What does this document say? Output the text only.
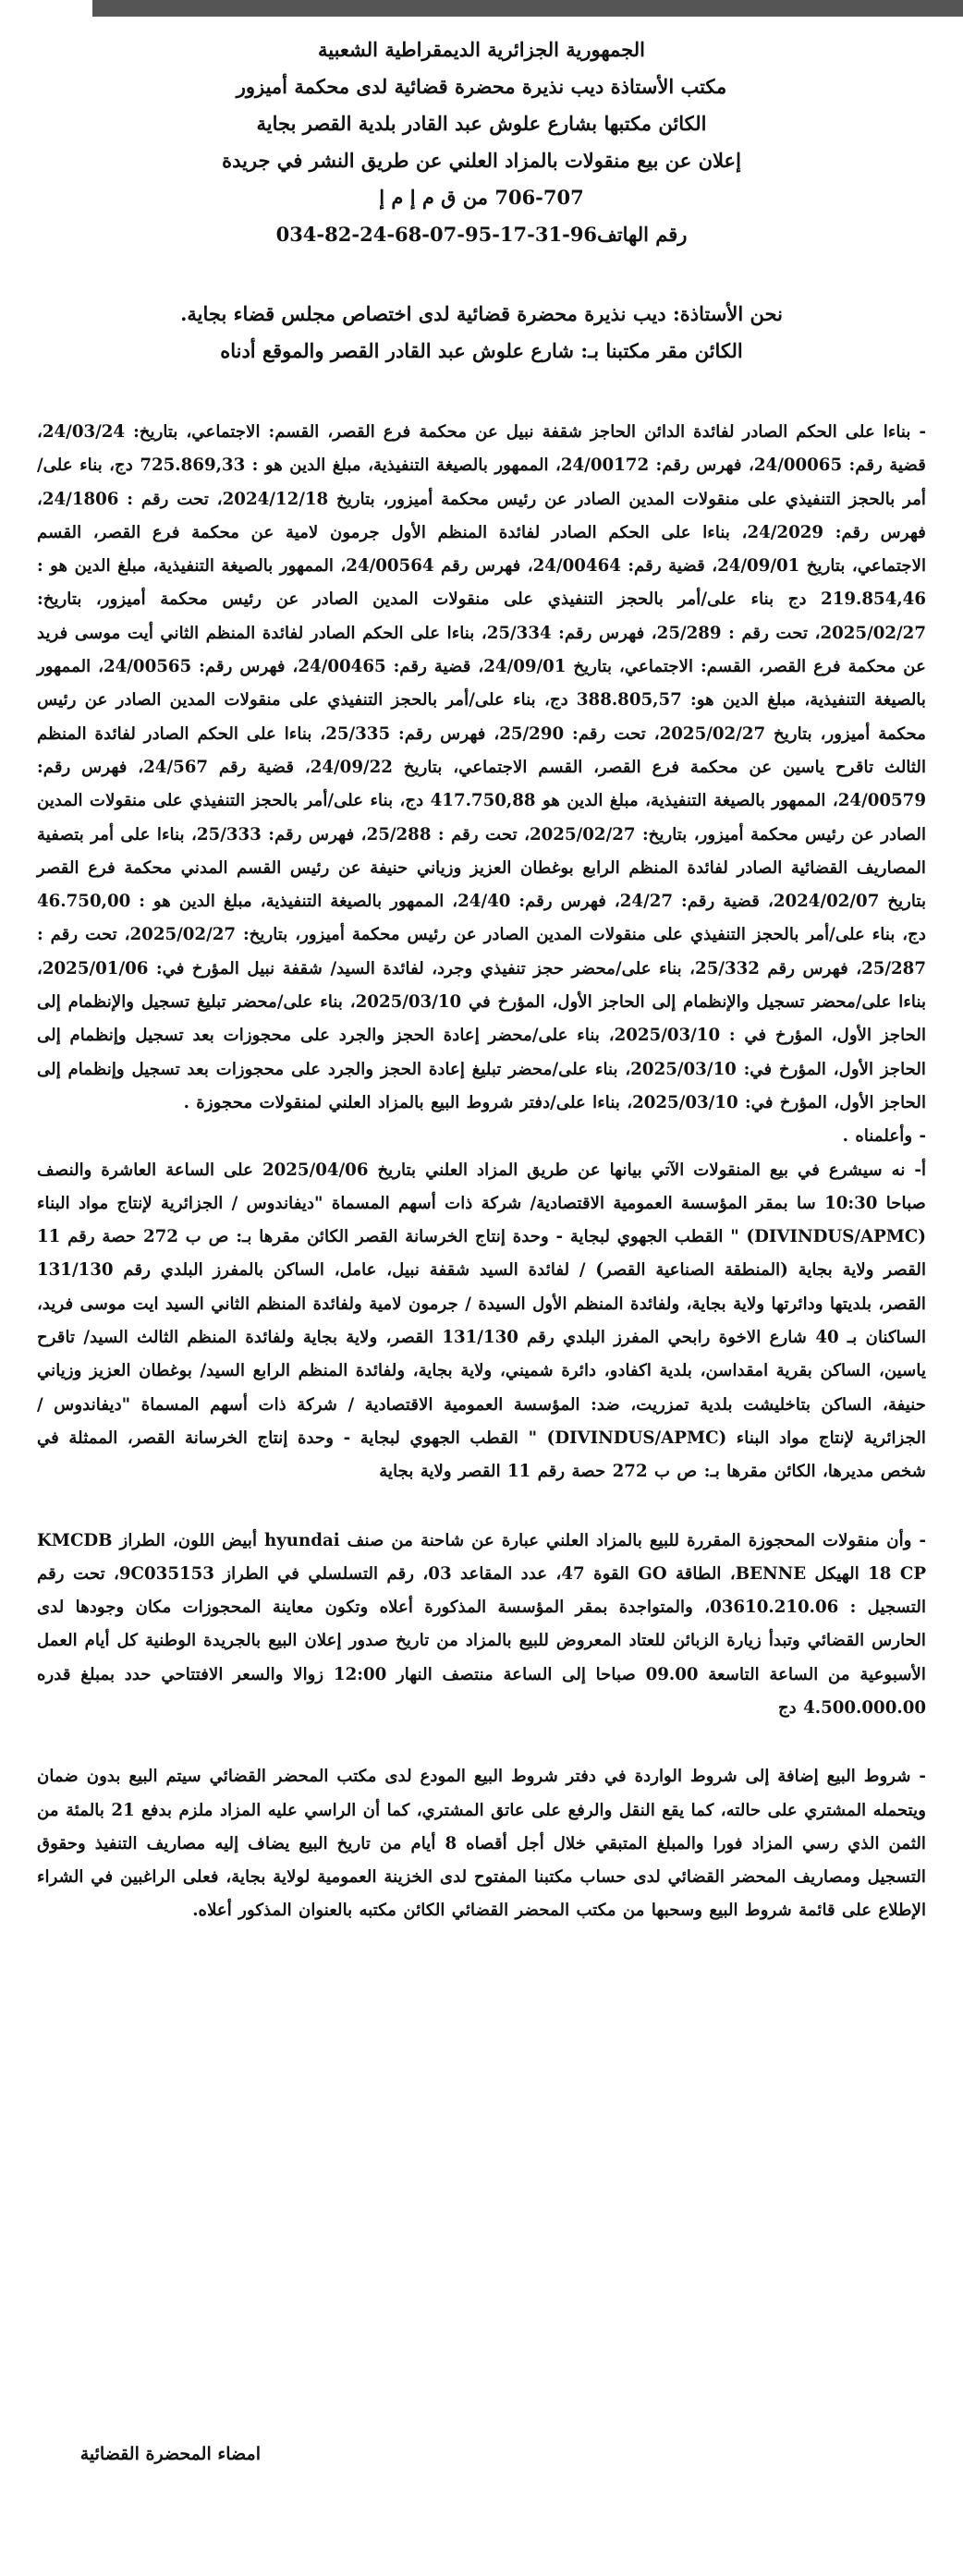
الجمهورية الجزائرية الديمقراطية الشعبية
مكتب الأستاذة ديب نذيرة محضرة قضائية لدى محكمة أميزور
الكائن مكتبها بشارع علوش عبد القادر بلدية القصر بجاية
إعلان عن بيع منقولات بالمزاد العلني عن طريق النشر في جريدة
706-707 من ق م إ م إ
رقم الهاتف96-31-17-95-07-68-24-82-034
نحن الأستاذة: ديب نذيرة محضرة قضائية لدى اختصاص مجلس قضاء بجاية.
الكائن مقر مكتبنا بـ: شارع علوش عبد القادر القصر والموقع أدناه

- بناءا على الحكم الصادر لفائدة الدائن الحاجز شقفة نبيل عن محكمة فرع القصر، القسم: الاجتماعي، بتاريخ: 24/03/24، قضية رقم: 24/00065، فهرس رقم: 24/00172، الممهور بالصيغة التنفيذية، مبلغ الدين هو : 725.869,33 دج، بناء على/أمر بالحجز التنفيذي على منقولات المدين الصادر عن رئيس محكمة أميزور، بتاريخ 2024/12/18، تحت رقم : 24/1806، فهرس رقم: 24/2029، بناءا على الحكم الصادر لفائدة المنظم الأول جرمون لامية عن محكمة فرع القصر، القسم الاجتماعي، بتاريخ 24/09/01، قضية رقم: 24/00464، فهرس رقم 24/00564، الممهور بالصيغة التنفيذية، مبلغ الدين هو : 219.854,46 دج بناء على/أمر بالحجز التنفيذي على منقولات المدين الصادر عن رئيس محكمة أميزور، بتاريخ: 2025/02/27، تحت رقم : 25/289، فهرس رقم: 25/334، بناءا على الحكم الصادر لفائدة المنظم الثاني أيت موسى فريد عن محكمة فرع القصر، القسم: الاجتماعي، بتاريخ 24/09/01، قضية رقم: 24/00465، فهرس رقم: 24/00565، الممهور بالصيغة التنفيذية، مبلغ الدين هو: 388.805,57 دج، بناء على/أمر بالحجز التنفيذي على منقولات المدين الصادر عن رئيس محكمة أميزور، بتاريخ 2025/02/27، تحت رقم: 25/290، فهرس رقم: 25/335، بناءا على الحكم الصادر لفائدة المنظم الثالث تاقرح ياسين عن محكمة فرع القصر، القسم الاجتماعي، بتاريخ 24/09/22، قضية رقم 24/567، فهرس رقم: 24/00579، الممهور بالصيغة التنفيذية، مبلغ الدين هو 417.750,88 دج، بناء على/أمر بالحجز التنفيذي على منقولات المدين الصادر عن رئيس محكمة أميزور، بتاريخ: 2025/02/27، تحت رقم : 25/288، فهرس رقم: 25/333، بناءا على أمر بتصفية المصاريف القضائية الصادر لفائدة المنظم الرابع بوغطان العزيز وزياني حنيفة عن رئيس القسم المدني محكمة فرع القصر بتاريخ 2024/02/07، قضية رقم: 24/27، فهرس رقم: 24/40، الممهور بالصيغة التنفيذية، مبلغ الدين هو : 46.750,00 دج، بناء على/أمر بالحجز التنفيذي على منقولات المدين الصادر عن رئيس محكمة أميزور، بتاريخ: 2025/02/27، تحت رقم : 25/287، فهرس رقم 25/332، بناء على/محضر حجز تنفيذي وجرد، لفائدة السيد/ شقفة نبيل المؤرخ في: 2025/01/06، بناءا على/محضر تسجيل والإنظمام إلى الحاجز الأول، المؤرخ في 2025/03/10، بناء على/محضر تبليغ تسجيل والإنظمام إلى الحاجز الأول، المؤرخ في : 2025/03/10، بناء على/محضر إعادة الحجز والجرد على محجوزات بعد تسجيل وإنظمام إلى الحاجز الأول، المؤرخ في: 2025/03/10، بناء على/محضر تبليغ إعادة الحجز والجرد على محجوزات بعد تسجيل وإنظمام إلى الحاجز الأول، المؤرخ في: 2025/03/10، بناءا على/دفتر شروط البيع بالمزاد العلني لمنقولات محجوزة .

- وأعلمناه .

أ- نه سيشرع في بيع المنقولات الآتي بيانها عن طريق المزاد العلني بتاريخ 2025/04/06 على الساعة العاشرة والنصف صباحا 10:30 سا بمقر المؤسسة العمومية الاقتصادية/ شركة ذات أسهم المسماة "ديفاندوس / الجزائرية لإنتاج مواد البناء (DIVINDUS/APMC) " القطب الجهوي لبجاية - وحدة إنتاج الخرسانة القصر الكائن مقرها بـ: ص ب 272 حصة رقم 11 القصر ولاية بجاية (المنطقة الصناعية القصر) / لفائدة السيد شقفة نبيل، عامل، الساكن بالمفرز البلدي رقم 131/130 القصر، بلديتها ودائرتها ولاية بجاية، ولفائدة المنظم الأول السيدة / جرمون لامية ولفائدة المنظم الثاني السيد ايت موسى فريد، الساكنان بـ 40 شارع الاخوة رابحي المفرز البلدي رقم 131/130 القصر، ولاية بجاية ولفائدة المنظم الثالث السيد/ تاقرح ياسين، الساكن بقرية امقداسن، بلدية اكفادو، دائرة شميني، ولاية بجاية، ولفائدة المنظم الرابع السيد/ بوغطان العزيز وزياني حنيفة، الساكن بتاخليشت بلدية تمزريت، ضد: المؤسسة العمومية الاقتصادية / شركة ذات أسهم المسماة "ديفاندوس / الجزائرية لإنتاج مواد البناء (DIVINDUS/APMC) " القطب الجهوي لبجاية - وحدة إنتاج الخرسانة القصر، الممثلة في شخص مديرها، الكائن مقرها بـ: ص ب 272 حصة رقم 11 القصر ولاية بجاية

- وأن منقولات المحجوزة المقررة للبيع بالمزاد العلني عبارة عن شاحنة من صنف hyundai أبيض اللون، الطراز KMCDB 18 CP الهيكل BENNE، الطاقة GO القوة 47، عدد المقاعد 03، رقم التسلسلي في الطراز 9C035153، تحت رقم التسجيل : 03610.210.06، والمتواجدة بمقر المؤسسة المذكورة أعلاه وتكون معاينة المحجوزات مكان وجودها لدى الحارس القضائي وتبدأ زيارة الزبائن للعتاد المعروض للبيع بالمزاد من تاريخ صدور إعلان البيع بالجريدة الوطنية كل أيام العمل الأسبوعية من الساعة التاسعة 09.00 صباحا إلى الساعة منتصف النهار 12:00 زوالا والسعر الافتتاحي حدد بمبلغ قدره 4.500.000.00 دج

- شروط البيع إضافة إلى شروط الواردة في دفتر شروط البيع المودع لدى مكتب المحضر القضائي سيتم البيع بدون ضمان ويتحمله المشتري على حالته، كما يقع النقل والرفع على عاتق المشتري، كما أن الراسي عليه المزاد ملزم بدفع 21 بالمئة من الثمن الذي رسي المزاد فورا والمبلغ المتبقي خلال أجل أقصاه 8 أيام من تاريخ البيع يضاف إليه مصاريف التنفيذ وحقوق التسجيل ومصاريف المحضر القضائي لدى حساب مكتبنا المفتوح لدى الخزينة العمومية لولاية بجاية، فعلى الراغبين في الشراء الإطلاع على قائمة شروط البيع وسحبها من مكتب المحضر القضائي الكائن مكتبه بالعنوان المذكور أعلاه.

امضاء المحضرة القضائية
